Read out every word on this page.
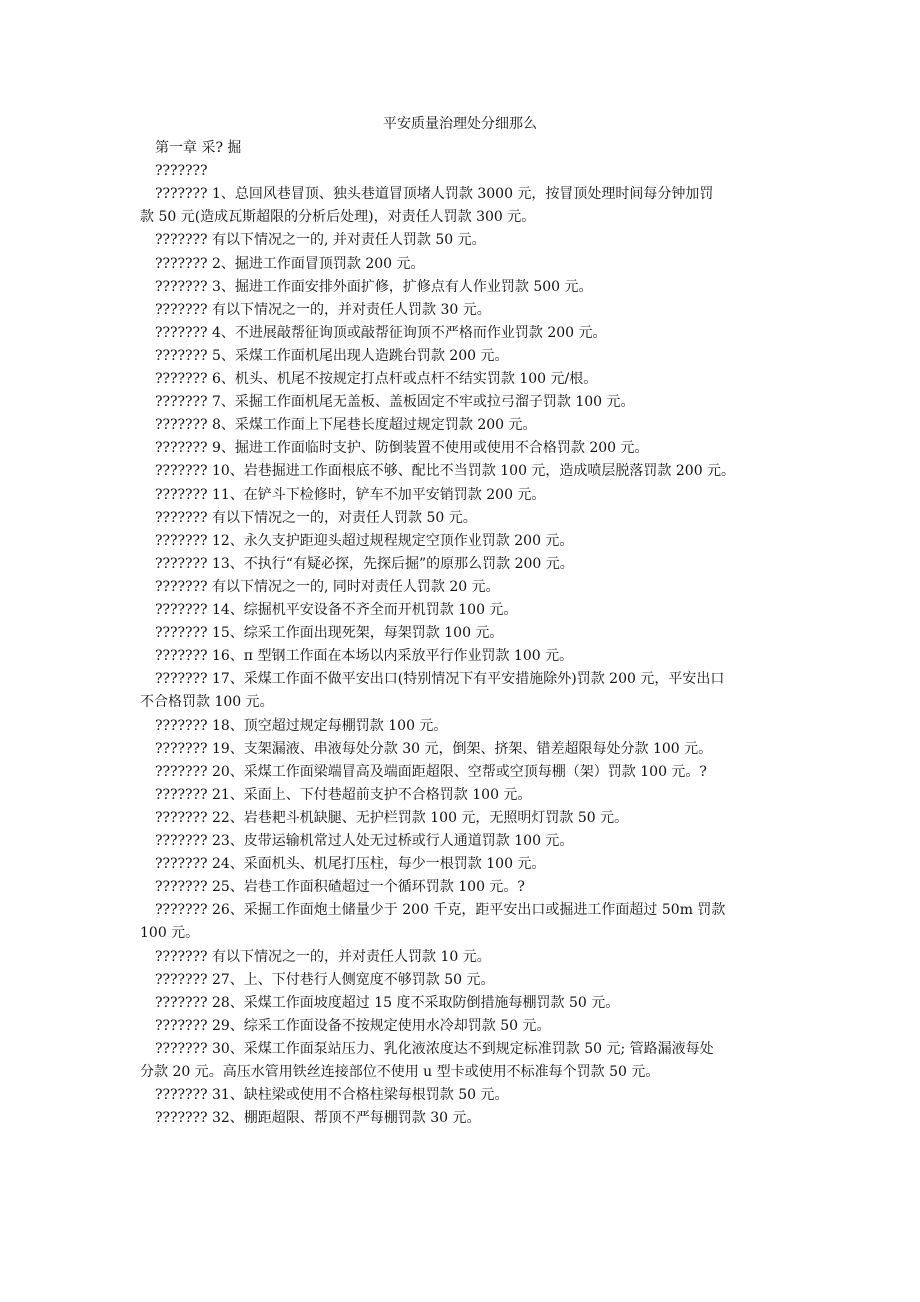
平安质量治理处分细那么
第一章 采? 掘
???????
??????? 1、总回风巷冒顶、独头巷道冒顶堵人罚款 3000 元，按冒顶处理时间每分钟加罚
款 50 元(造成瓦斯超限的分析后处理)，对责任人罚款 300 元。
??????? 有以下情况之一的, 并对责任人罚款 50 元。
??????? 2、掘进工作面冒顶罚款 200 元。
??????? 3、掘进工作面安排外面扩修，扩修点有人作业罚款 500 元。
??????? 有以下情况之一的，并对责任人罚款 30 元。
??????? 4、不进展敲帮征询顶或敲帮征询顶不严格而作业罚款 200 元。
??????? 5、采煤工作面机尾出现人造跳台罚款 200 元。
??????? 6、机头、机尾不按规定打点杆或点杆不结实罚款 100 元/根。
??????? 7、采掘工作面机尾无盖板、盖板固定不牢或拉弓溜子罚款 100 元。
??????? 8、采煤工作面上下尾巷长度超过规定罚款 200 元。
??????? 9、掘进工作面临时支护、防倒装置不使用或使用不合格罚款 200 元。
??????? 10、岩巷掘进工作面根底不够、配比不当罚款 100 元，造成喷层脱落罚款 200 元。
??????? 11、在铲斗下检修时，铲车不加平安销罚款 200 元。
??????? 有以下情况之一的，对责任人罚款 50 元。
??????? 12、永久支护距迎头超过规程规定空顶作业罚款 200 元。
??????? 13、不执行“有疑必探，先探后掘”的原那么罚款 200 元。
??????? 有以下情况之一的, 同时对责任人罚款 20 元。
??????? 14、综掘机平安设备不齐全而开机罚款 100 元。
??????? 15、综采工作面出现死架，每架罚款 100 元。
??????? 16、π 型钢工作面在本场以内采放平行作业罚款 100 元。
??????? 17、采煤工作面不做平安出口(特别情况下有平安措施除外)罚款 200 元，平安出口
不合格罚款 100 元。
??????? 18、顶空超过规定每棚罚款 100 元。
??????? 19、支架漏液、串液每处分款 30 元，倒架、挤架、错差超限每处分款 100 元。
??????? 20、采煤工作面梁端冒高及端面距超限、空帮或空顶每棚（架）罚款 100 元。?
??????? 21、采面上、下付巷超前支护不合格罚款 100 元。
??????? 22、岩巷耙斗机缺腿、无护栏罚款 100 元，无照明灯罚款 50 元。
??????? 23、皮带运输机常过人处无过桥或行人通道罚款 100 元。
??????? 24、采面机头、机尾打压柱，每少一根罚款 100 元。
??????? 25、岩巷工作面积碴超过一个循环罚款 100 元。?
??????? 26、采掘工作面炮土储量少于 200 千克，距平安出口或掘进工作面超过 50m 罚款
100 元。
??????? 有以下情况之一的，并对责任人罚款 10 元。
??????? 27、上、下付巷行人侧宽度不够罚款 50 元。
??????? 28、采煤工作面坡度超过 15 度不采取防倒措施每棚罚款 50 元。
??????? 29、综采工作面设备不按规定使用水冷却罚款 50 元。
??????? 30、采煤工作面泵站压力、乳化液浓度达不到规定标准罚款 50 元; 管路漏液每处
分款 20 元。高压水管用铁丝连接部位不使用 u 型卡或使用不标准每个罚款 50 元。
??????? 31、缺柱梁或使用不合格柱梁每根罚款 50 元。
??????? 32、棚距超限、帮顶不严每棚罚款 30 元。
